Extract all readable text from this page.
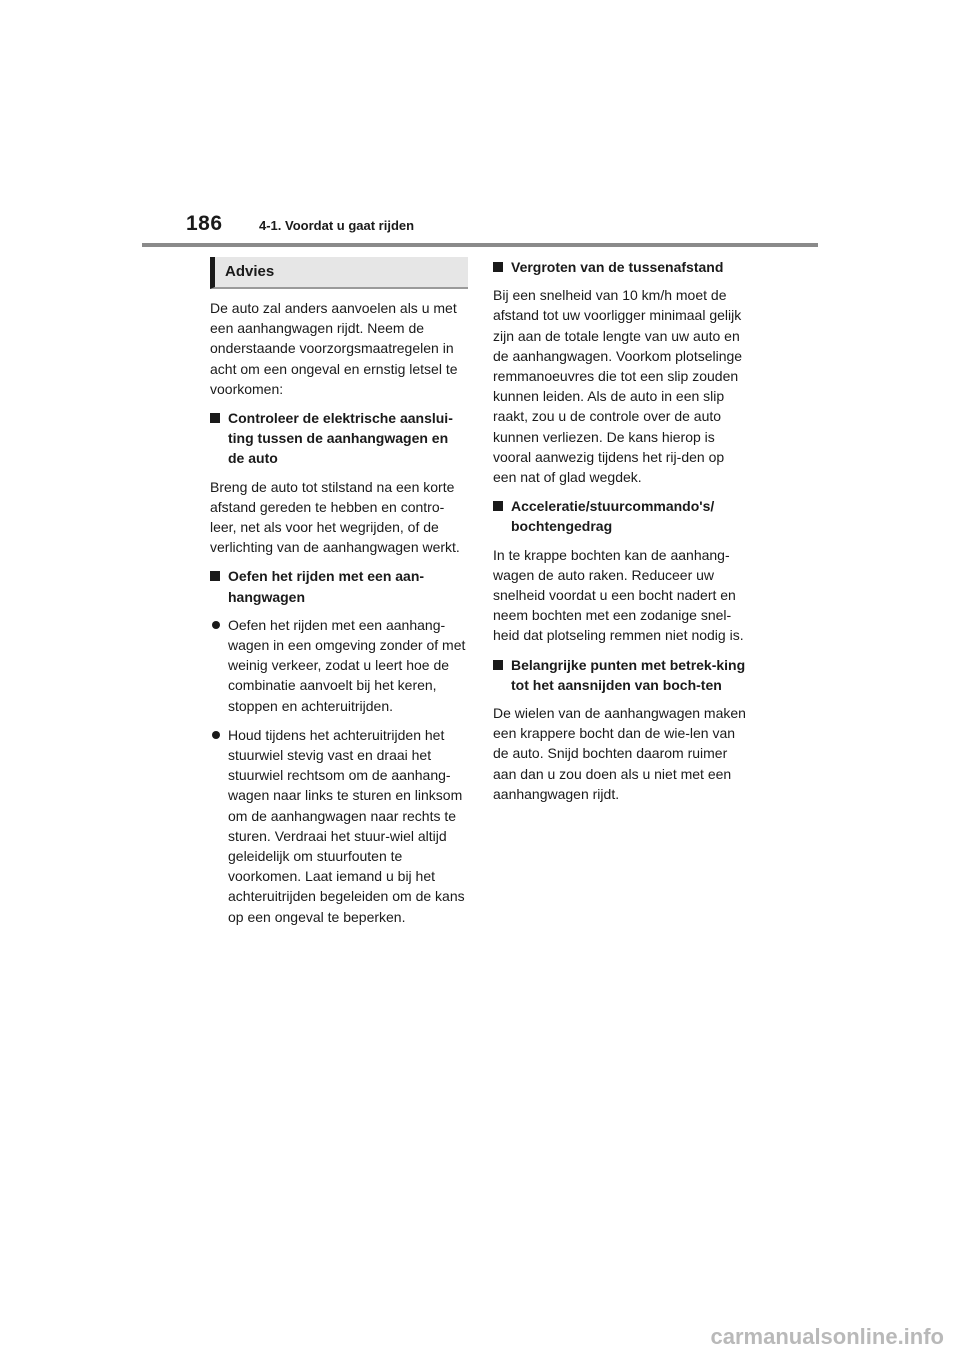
186	4-1. Voordat u gaat rijden
Advies

De auto zal anders aanvoelen als u met een aanhangwagen rijdt. Neem de onderstaande voorzorgsmaatregelen in acht om een ongeval en ernstig letsel te voorkomen:

Controleer de elektrische aanslui-ting tussen de aanhangwagen en de auto

Breng de auto tot stilstand na een korte afstand gereden te hebben en contro-leer, net als voor het wegrijden, of de verlichting van de aanhangwagen werkt.

Oefen het rijden met een aan-hangwagen
Oefen het rijden met een aanhang-wagen in een omgeving zonder of met weinig verkeer, zodat u leert hoe de combinatie aanvoelt bij het keren, stoppen en achteruitrijden.
Houd tijdens het achteruitrijden het stuurwiel stevig vast en draai het stuurwiel rechtsom om de aanhang-wagen naar links te sturen en linksom om de aanhangwagen naar rechts te sturen. Verdraai het stuur-wiel altijd geleidelijk om stuurfouten te voorkomen. Laat iemand u bij het achteruitrijden begeleiden om de kans op een ongeval te beperken.
Vergroten van de tussenafstand

Bij een snelheid van 10 km/h moet de afstand tot uw voorligger minimaal gelijk zijn aan de totale lengte van uw auto en de aanhangwagen. Voorkom plotselinge remmanoeuvres die tot een slip zouden kunnen leiden. Als de auto in een slip raakt, zou u de controle over de auto kunnen verliezen. De kans hierop is vooral aanwezig tijdens het rij-den op een nat of glad wegdek.

Acceleratie/stuurcommando's/ bochtengedrag

In te krappe bochten kan de aanhang-wagen de auto raken. Reduceer uw snelheid voordat u een bocht nadert en neem bochten met een zodanige snel-heid dat plotseling remmen niet nodig is.

Belangrijke punten met betrek-king tot het aansnijden van boch-ten

De wielen van de aanhangwagen maken een krappere bocht dan de wie-len van de auto. Snijd bochten daarom ruimer aan dan u zou doen als u niet met een aanhangwagen rijdt.

carmanualsonline.info
